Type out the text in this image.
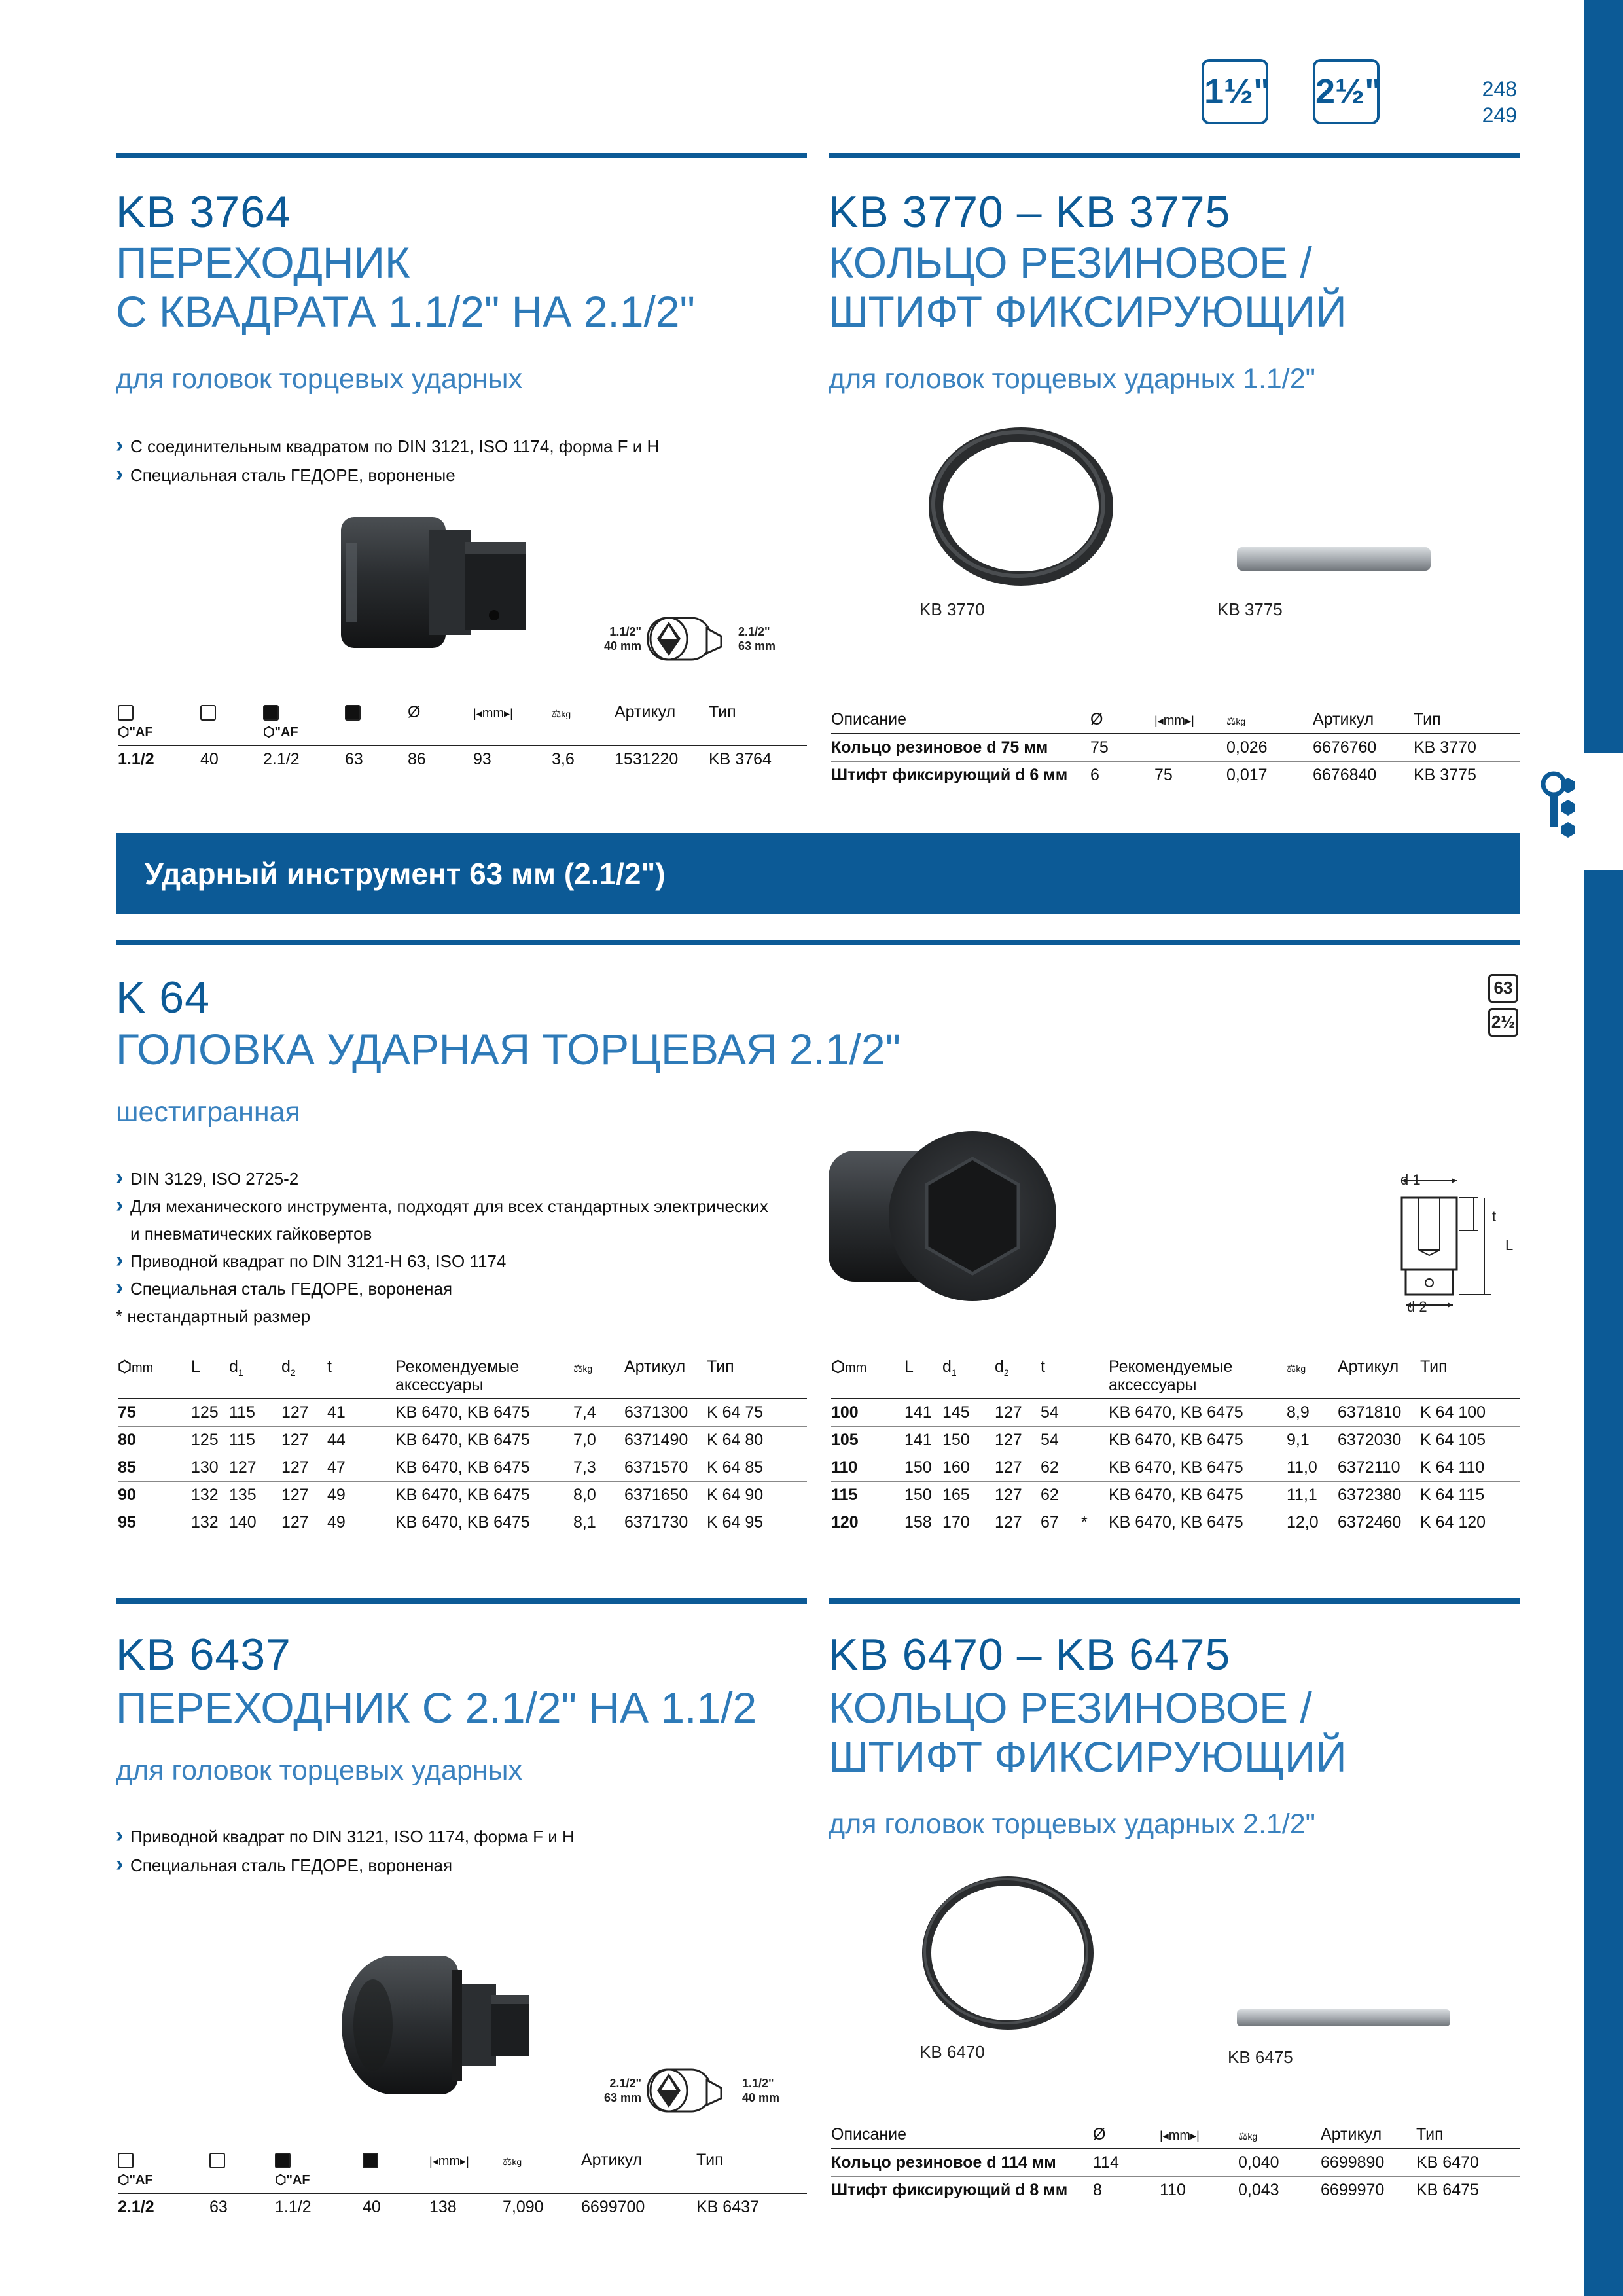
1½" 2½"	248
249
KB 3764
ПЕРЕХОДНИК
С КВАДРАТА 1.1/2" НА 2.1/2"
для головок торцевых ударных
› С соединительным квадратом по DIN 3121, ISO 1174, форма F и H
› Специальная сталь ГЕДОРЕ, вороненые
1.1/2"
40 mm
2.1/2"
63 mm

⬡"AF		⬡"AF		Ø	|◂mm▸|	⚖kg	Артикул	Тип
1.1/2	40	2.1/2	63	86	93	3,6	1531220	KB 3764
KB 3770 – KB 3775
КОЛЬЦО РЕЗИНОВОЕ /
ШТИФТ ФИКСИРУЮЩИЙ
для головок торцевых ударных 1.1/2"
KB 3770	KB 3775
Описание	Ø	|◂mm▸|	⚖kg	Артикул	Тип
Кольцо резиновое d 75 мм	75		0,026	6676760	KB 3770
Штифт фиксирующий d 6 мм	6	75	0,017	6676840	KB 3775
Ударный инструмент 63 мм (2.1/2")
K 64
ГОЛОВКА УДАРНАЯ ТОРЦЕВАЯ 2.1/2"
шестигранная
63
2½
› DIN 3129, ISO 2725-2
› Для механического инструмента, подходят для всех стандартных электрических
и пневматических гайковертов
› Приводной квадрат по DIN 3121-H 63, ISO 1174
› Специальная сталь ГЕДОРЕ, вороненая
* нестандартный размер
d 1
t
L
d 2
⬡mm	L	$d_1$	$d_2$	t		Рекомендуемые аксессуары	⚖kg	Артикул	Тип
75	125	115	127	41		KB 6470, KB 6475	7,4	6371300	K 64 75
80	125	115	127	44		KB 6470, KB 6475	7,0	6371490	K 64 80
85	130	127	127	47		KB 6470, KB 6475	7,3	6371570	K 64 85
90	132	135	127	49		KB 6470, KB 6475	8,0	6371650	K 64 90
95	132	140	127	49		KB 6470, KB 6475	8,1	6371730	K 64 95
⬡mm	L	$d_1$	$d_2$	t		Рекомендуемые аксессуары	⚖kg	Артикул	Тип
100	141	145	127	54		KB 6470, KB 6475	8,9	6371810	K 64 100
105	141	150	127	54		KB 6470, KB 6475	9,1	6372030	K 64 105
110	150	160	127	62		KB 6470, KB 6475	11,0	6372110	K 64 110
115	150	165	127	62		KB 6470, KB 6475	11,1	6372380	K 64 115
120	158	170	127	67	*	KB 6470, KB 6475	12,0	6372460	K 64 120
KB 6437
ПЕРЕХОДНИК С 2.1/2" НА 1.1/2
для головок торцевых ударных
› Приводной квадрат по DIN 3121, ISO 1174, форма F и H
› Специальная сталь ГЕДОРЕ, вороненая
2.1/2"
63 mm
1.1/2"
40 mm

⬡"AF		⬡"AF		|◂mm▸|	⚖kg	Артикул	Тип
2.1/2	63	1.1/2	40	138	7,090	6699700	KB 6437
KB 6470 – KB 6475
КОЛЬЦО РЕЗИНОВОЕ /
ШТИФТ ФИКСИРУЮЩИЙ
для головок торцевых ударных 2.1/2"
KB 6470	KB 6475
Описание	Ø	|◂mm▸|	⚖kg	Артикул	Тип
Кольцо резиновое d 114 мм	114		0,040	6699890	KB 6470
Штифт фиксирующий d 8 мм	8	110	0,043	6699970	KB 6475
